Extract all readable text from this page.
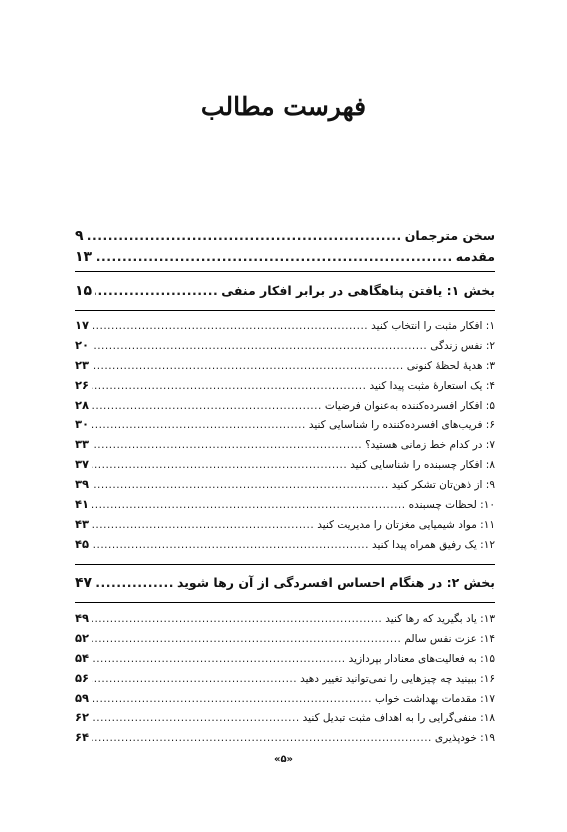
فهرست مطالب
سخن مترجمان
.....
۹
مقدمه
.....
۱۳
بخش ۱: یافتن پناهگاهی در برابر افکار منفی
.....
۱۵
۱: افکار مثبت را انتخاب کنید
.....
۱۷
۲: نفس زندگی
.....
۲۰
۳: هدیهٔ لحظهٔ کنونی
.....
۲۳
۴: یک استعارهٔ مثبت پیدا کنید
.....
۲۶
۵: افکار افسرده‌کننده به‌عنوان فرضیات
.....
۲۸
۶: فریب‌های افسرده‌کننده را شناسایی کنید
.....
۳۰
۷: در کدام خط زمانی هستید؟
.....
۳۳
۸: افکار چسبنده را شناسایی کنید
.....
۳۷
۹: از ذهن‌تان تشکر کنید
.....
۳۹
۱۰: لحظات چسبنده
.....
۴۱
۱۱: مواد شیمیایی مغزتان را مدیریت کنید
.....
۴۳
۱۲: یک رفیق همراه پیدا کنید
.....
۴۵
بخش ۲: در هنگام احساس افسردگی از آن رها شوید
.....
۴۷
۱۳: یاد بگیرید که رها کنید
.....
۴۹
۱۴: عزت نفس سالم
.....
۵۲
۱۵: به فعالیت‌های معنادار بپردازید
.....
۵۴
۱۶: ببینید چه چیزهایی را نمی‌توانید تغییر دهید
.....
۵۶
۱۷: مقدمات بهداشت خواب
.....
۵۹
۱۸: منفی‌گرایی را به اهداف مثبت تبدیل کنید
.....
۶۲
۱۹: خودپذیری
.....
۶۴
«۵»
